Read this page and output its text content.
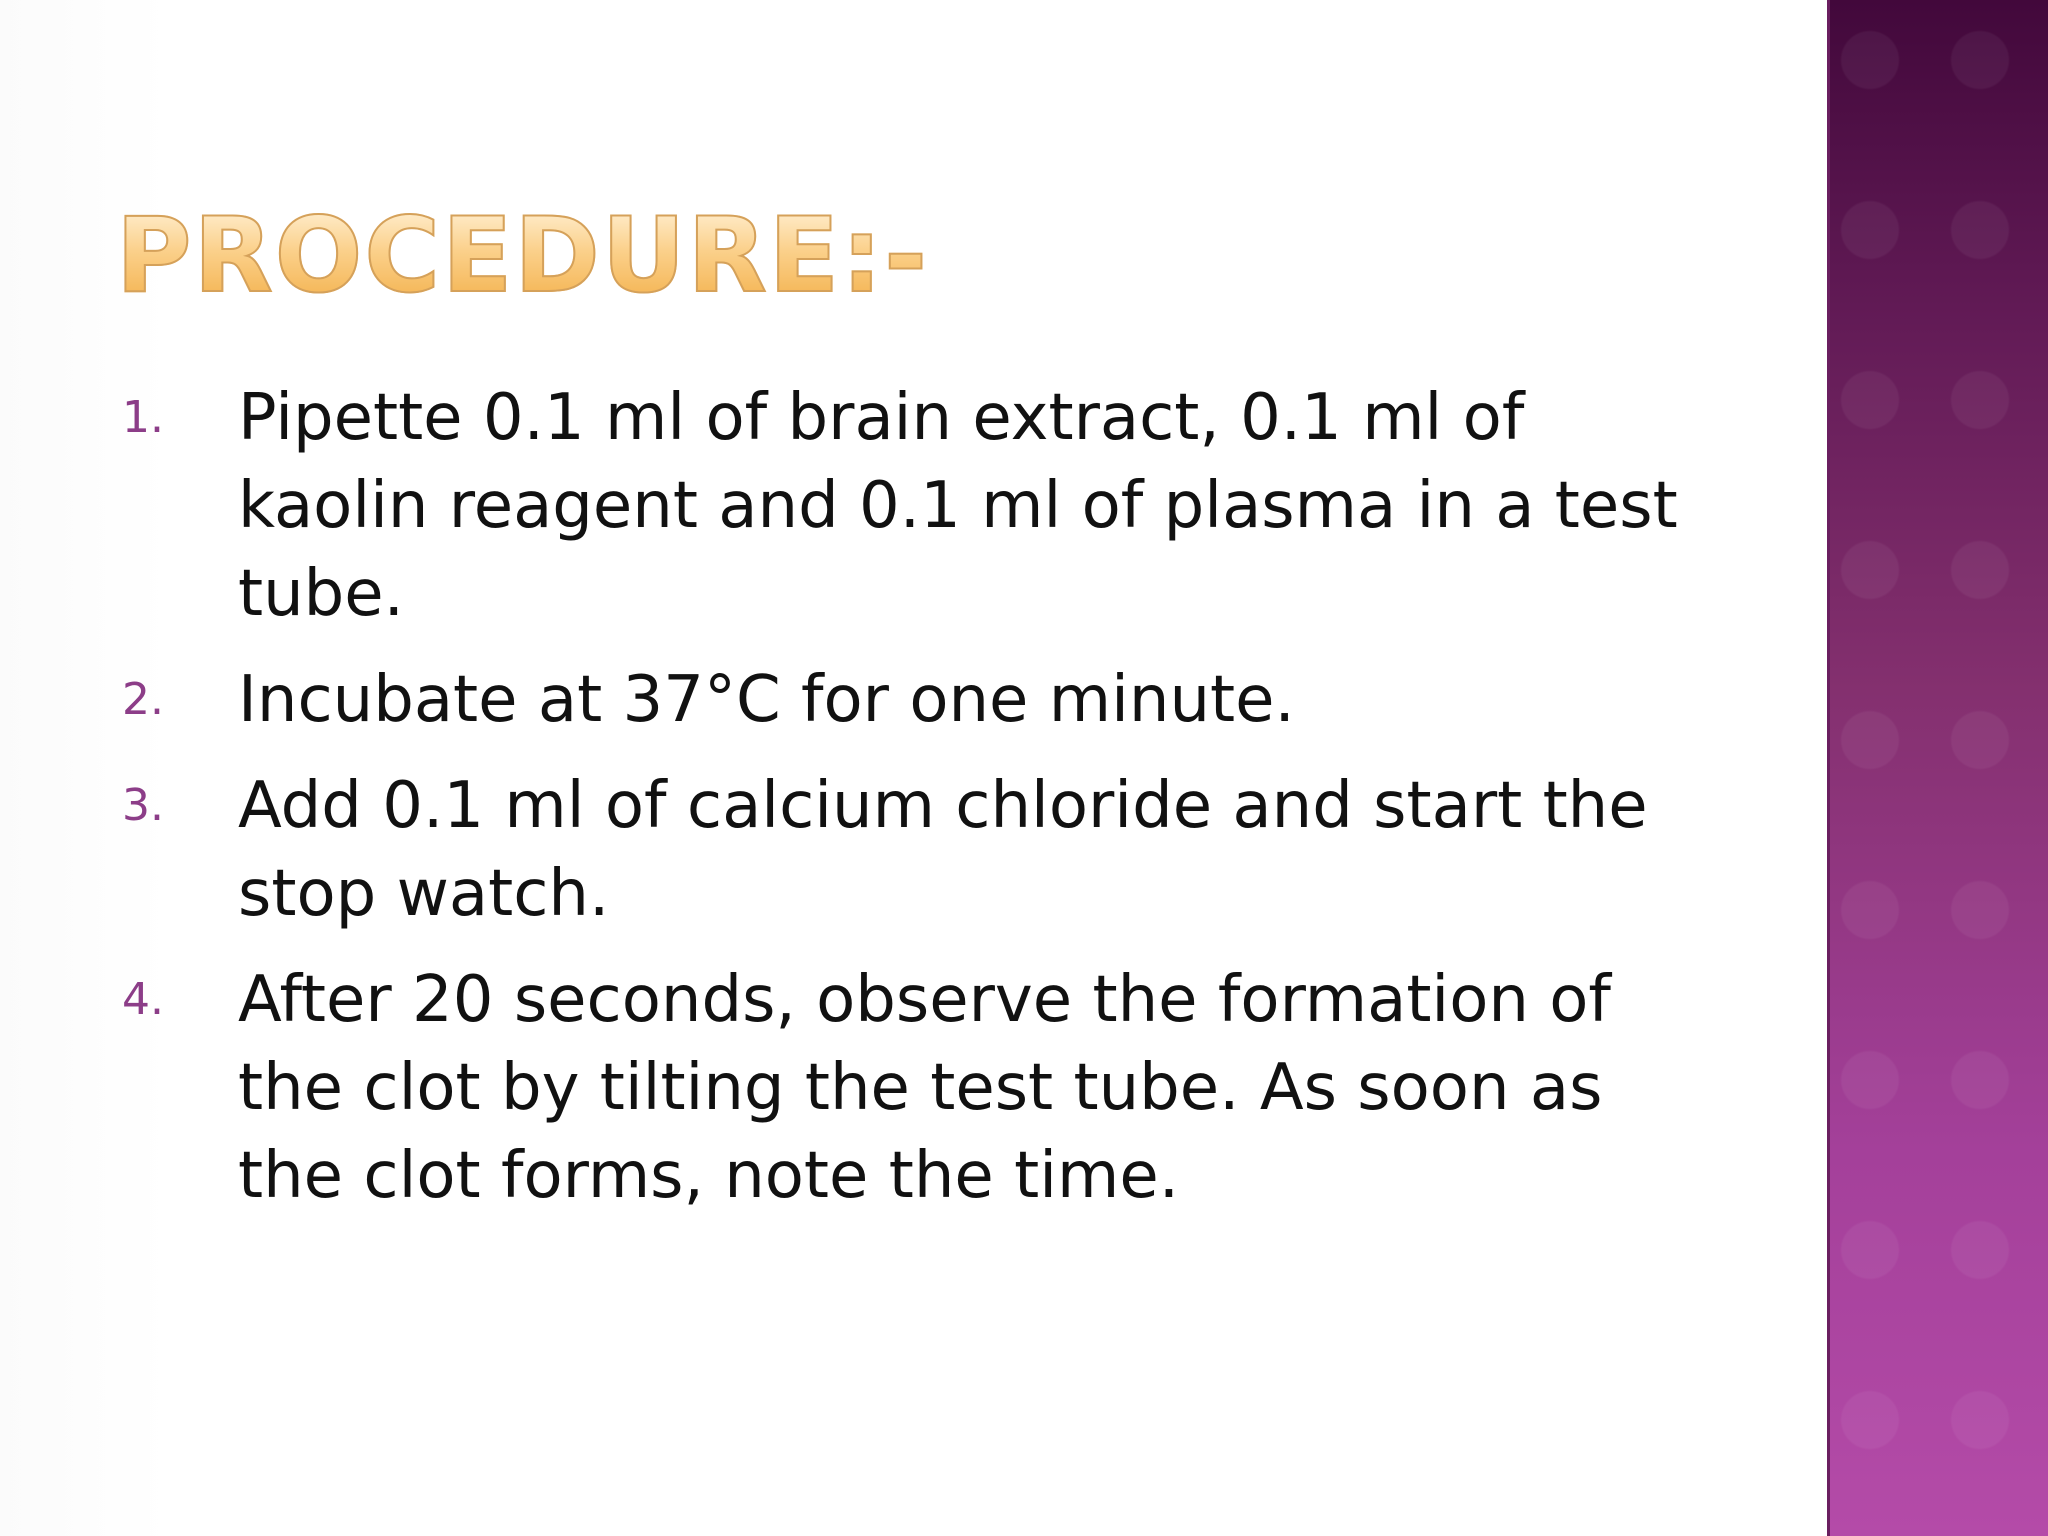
PROCEDURE:-
1. Pipette 0.1 ml of brain extract, 0.1 ml of kaolin reagent and 0.1 ml of plasma in a test tube.
2. Incubate at 37°C for one minute.
3. Add 0.1 ml of calcium chloride and start the stop watch.
4. After 20 seconds, observe the formation of the clot by tilting the test tube. As soon as the clot forms, note the time.
